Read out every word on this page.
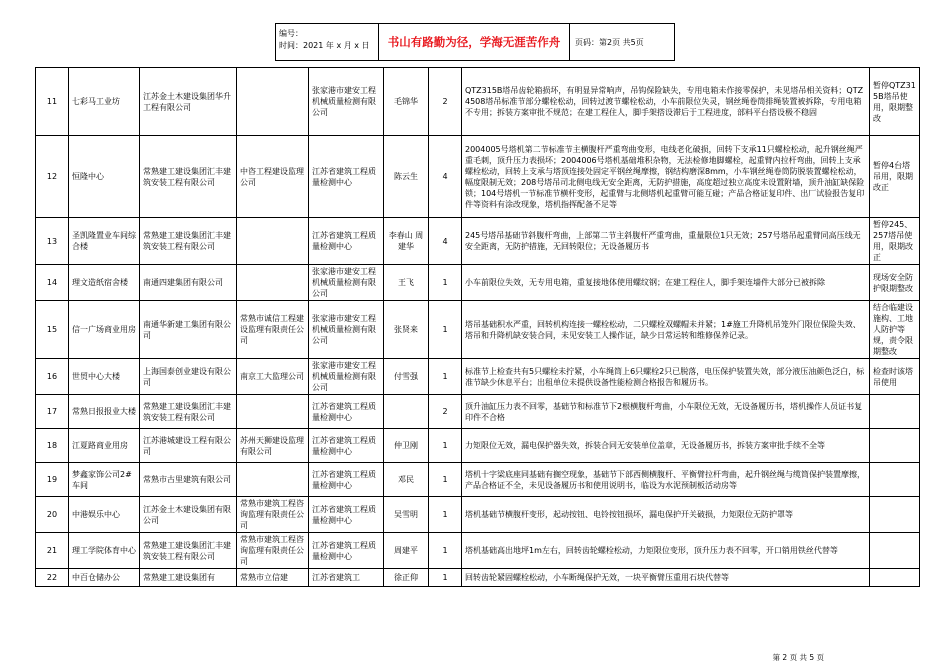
编号：
时间：2021 年 x 月 x 日	书山有路勤为径，学海无涯苦作舟	页码：第2页 共5页
11	七彩马工业坊	江苏金土木建设集团华升工程有限公司		张家港市建安工程机械质量检测有限公司	毛锦华	2	QTZ315B塔吊齿轮箱损坏，有明显异常响声，吊钩保险缺失，专用电箱未作接零保护，未见塔吊相关资料；QTZ4508塔吊标准节部分螺栓松动，回转过渡节螺栓松动，小车前限位失灵，钢丝绳卷筒排绳装置被拆除，专用电箱不专用；拆装方案审批不规范；在建工程住人，脚手架搭设滞后于工程进度，部料平台搭设极不稳固	暂停QTZ315B塔吊使用，限期整改
12	恒隆中心	常熟建工建设集团汇丰建筑安装工程有限公司	中咨工程建设监理公司	江苏省建筑工程质量检测中心	陈云生	4	2004005号塔机第二节标准节主横腹杆严重弯曲变形，电线老化破损，回转下支承11只螺栓松动，起升钢丝绳严重毛刺，顶升压力表损坏；2004006号塔机基础堆积杂物，无法检修地脚螺栓，起重臂内拉杆弯曲，回转上支承螺栓松动，回转上支承与塔顶连接处固定平钢丝绳摩擦，钢结构磨深8mm，小车钢丝绳卷筒防脱装置螺栓松动，幅度限制无效；208号塔吊司北侧电线无安全距离，无防护措施，高度超过独立高度未设置附墙，顶升油缸缺保险锁；104号塔机一节标准节横杆变形，起重臂与北侧塔机起重臂可能互碰；产品合格证复印件、出厂试验报告复印件等资料有涂改现象，塔机指挥配备不足等	暂停4台塔吊用，限期改正
13	圣凯隆置业车间综合楼	常熟建工建设集团汇丰建筑安装工程有限公司		江苏省建筑工程质量检测中心	李春山 周建华	4	245号塔吊基础节斜腹杆弯曲，上部第二节主斜腹杆严重弯曲，重量限位1只无效；257号塔吊起重臂同高压线无安全距离，无防护措施，无回转限位；无设备履历书	暂停245、257塔吊使用，限期改正
14	理文造纸宿舍楼	南通四建集团有限公司		张家港市建安工程机械质量检测有限公司	王飞	1	小车前限位失效，无专用电箱，重复接地体使用螺纹钢；在建工程住人，脚手架连墙件大部分已被拆除	现场安全防护限期整改
15	信一广场商业用房	南通华新建工集团有限公司	常熟市诚信工程建设监理有限责任公司	张家港市建安工程机械质量检测有限公司	张贤来	1	塔吊基础积水严重，回转机构连接一螺栓松动，二只螺栓双螺帽未并紧；1#施工升降机吊笼外门限位保险失效、塔吊和升降机缺安装合同，未见安装工人操作证，缺少日常运转和维修保养记录。	结合临建设施构、工地人防护等规，责令限期整改
16	世贸中心大楼	上海国泰创业建设有限公司	南京工大监理公司	张家港市建安工程机械质量检测有限公司	付雪强	1	标准节上检查共有5只螺栓未拧紧，小车绳筒上6只螺栓2只已脱落，电压保护装置失效，部分液压油颜色泛白，标准节缺少休息平台；出租单位未提供设备性能检测合格报告和履历书。	检查时该塔吊使用
17	常熟日报报业大楼	常熟建工建设集团汇丰建筑安装工程有限公司		江苏省建筑工程质量检测中心		2	顶升油缸压力表不回零，基础节和标准节下2根横腹杆弯曲，小车限位无效，无设备履历书，塔机操作人员证书复印件不合格	
18	江夏路商业用房	江苏港城建设工程有限公司	苏州天狮建设监理有限公司	江苏省建筑工程质量检测中心	仲卫刚	1	力矩限位无效，漏电保护器失效，拆装合同无安装单位盖章，无设备履历书，拆装方案审批手续不全等	
19	梦鑫家饰公司2#车间	常熟市古里建筑有限公司		江苏省建筑工程质量检测中心	邓民	1	塔机十字梁底座同基础有搁空现象，基础节下部西侧横腹杆、平衡臂拉杆弯曲，起升钢丝绳与缆筒保护装置摩擦，产品合格证不全，未见设备履历书和使用说明书，临设为水泥预制板活动房等	
20	中港娱乐中心	江苏金土木建设集团有限公司	常熟市建筑工程咨询监理有限责任公司	江苏省建筑工程质量检测中心	吴雪明	1	塔机基础节横腹杆变形，起动按钮、电铃按钮损坏，漏电保护开关破损，力矩限位无防护罩等	
21	理工学院体育中心	常熟建工建设集团汇丰建筑安装工程有限公司	常熟市建筑工程咨询监理有限责任公司	江苏省建筑工程质量检测中心	周建平	1	塔机基础高出地坪1m左右，回转齿轮螺栓松动，力矩限位变形，顶升压力表不回零，开口销用铁丝代替等	
22	中百仓储办公	常熟建工建设集团有	常熟市立信建	江苏省建筑工	徐正仰	1	回转齿轮紧固螺栓松动，小车断绳保护无效，一块平衡臂压重用石块代替等	
第 2 页 共 5 页
